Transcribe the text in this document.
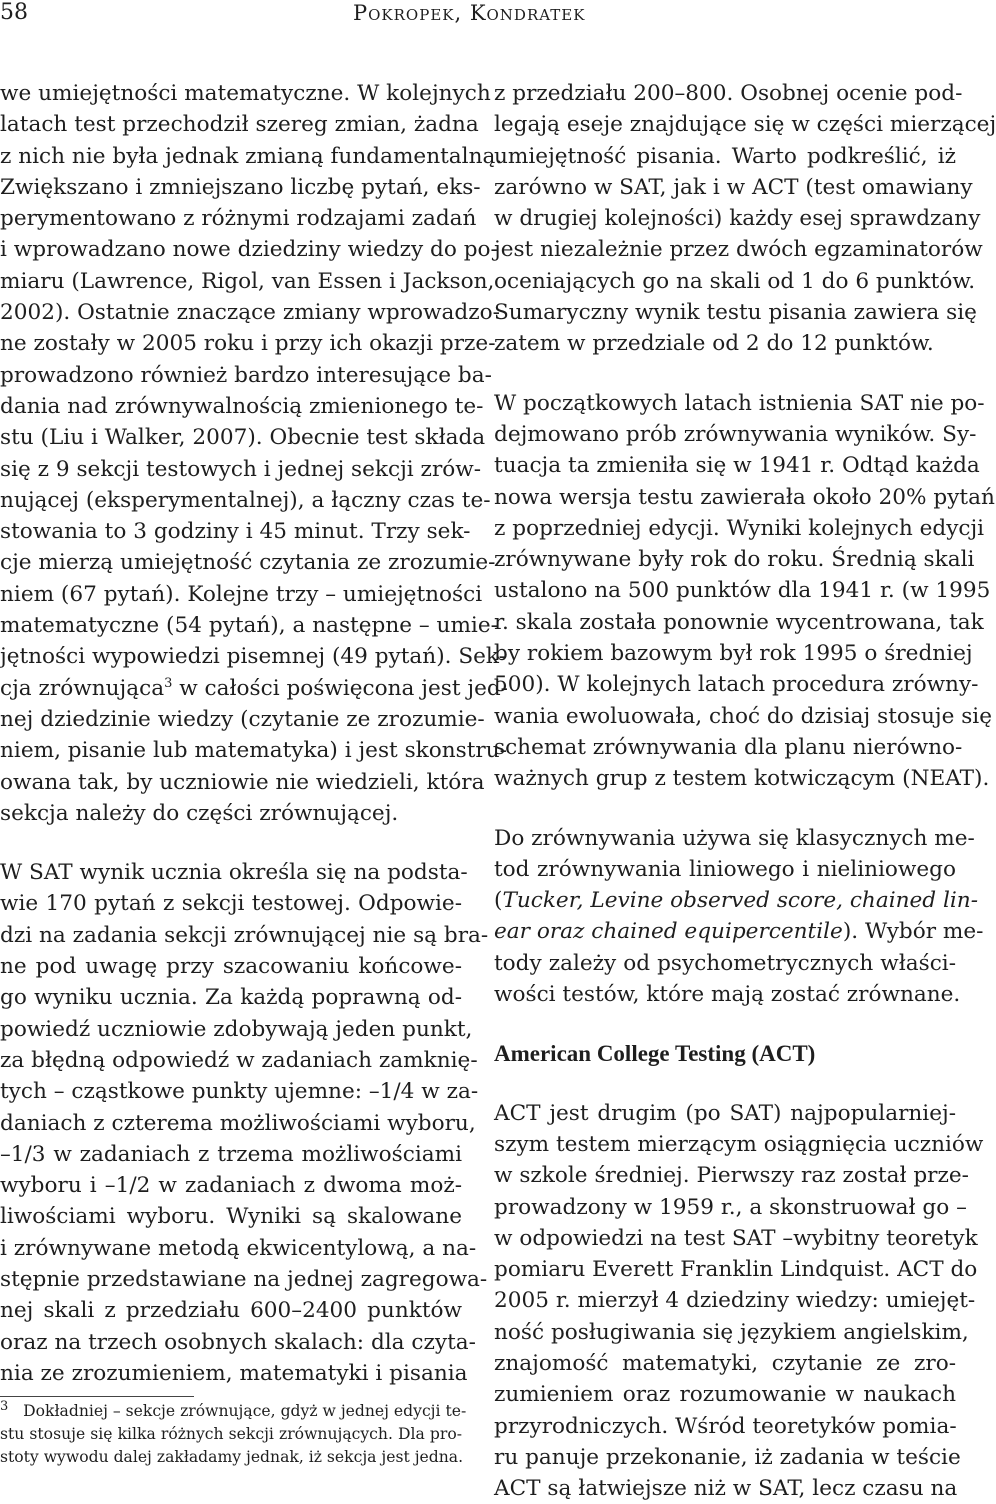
58	Pokropek, Kondratek
we umiejętności matematyczne. W kolejnych
latach test przechodził szereg zmian, żadna
z nich nie była jednak zmianą fundamentalną.
Zwiększano i zmniejszano liczbę pytań, eks-
perymentowano z różnymi rodzajami zadań
i wprowadzano nowe dziedziny wiedzy do po-
miaru (Lawrence, Rigol, van Essen i Jackson,
2002). Ostatnie znaczące zmiany wprowadzo-
ne zostały w 2005 roku i przy ich okazji prze-
prowadzono również bardzo interesujące ba-
dania nad zrównywalnością zmienionego te-
stu (Liu i Walker, 2007). Obecnie test składa
się z 9 sekcji testowych i jednej sekcji zrów-
nującej (eksperymentalnej), a łączny czas te-
stowania to 3 godziny i 45 minut. Trzy sek-
cje mierzą umiejętność czytania ze zrozumie-
niem (67 pytań). Kolejne trzy – umiejętności
matematyczne (54 pytań), a następne – umie-
jętności wypowiedzi pisemnej (49 pytań). Sek-
cja zrównująca$^3$ w całości poświęcona jest jed-
nej dziedzinie wiedzy (czytanie ze zrozumie-
niem, pisanie lub matematyka) i jest skonstru-
owana tak, by uczniowie nie wiedzieli, która
sekcja należy do części zrównującej.
W SAT wynik ucznia określa się na podsta-
wie 170 pytań z sekcji testowej. Odpowie-
dzi na zadania sekcji zrównującej nie są bra-
ne pod uwagę przy szacowaniu końcowe-
go wyniku ucznia. Za każdą poprawną od-
powiedź uczniowie zdobywają jeden punkt,
za błędną odpowiedź w zadaniach zamknię-
tych – cząstkowe punkty ujemne: –1/4 w za-
daniach z czterema możliwościami wyboru,
–1/3 w zadaniach z trzema możliwościami
wyboru i –1/2 w zadaniach z dwoma moż-
liwościami wyboru. Wyniki są skalowane
i zrównywane metodą ekwicentylową, a na-
stępnie przedstawiane na jednej zagregowa-
nej skali z przedziału 600–2400 punktów
oraz na trzech osobnych skalach: dla czyta-
nia ze zrozumieniem, matematyki i pisania
$^3$ Dokładniej – sekcje zrównujące, gdyż w jednej edycji te-
stu stosuje się kilka różnych sekcji zrównujących. Dla pro-
stoty wywodu dalej zakładamy jednak, iż sekcja jest jedna.
z przedziału 200–800. Osobnej ocenie pod-
legają eseje znajdujące się w części mierzącej
umiejętność pisania. Warto podkreślić, iż
zarówno w SAT, jak i w ACT (test omawiany
w drugiej kolejności) każdy esej sprawdzany
jest niezależnie przez dwóch egzaminatorów
oceniających go na skali od 1 do 6 punktów.
Sumaryczny wynik testu pisania zawiera się
zatem w przedziale od 2 do 12 punktów.
W początkowych latach istnienia SAT nie po-
dejmowano prób zrównywania wyników. Sy-
tuacja ta zmieniła się w 1941 r. Odtąd każda
nowa wersja testu zawierała około 20% pytań
z poprzedniej edycji. Wyniki kolejnych edycji
zrównywane były rok do roku. Średnią skali
ustalono na 500 punktów dla 1941 r. (w 1995
r. skala została ponownie wycentrowana, tak
by rokiem bazowym był rok 1995 o średniej
500). W kolejnych latach procedura zrówny-
wania ewoluowała, choć do dzisiaj stosuje się
schemat zrównywania dla planu nierówno-
ważnych grup z testem kotwiczącym (NEAT).
Do zrównywania używa się klasycznych me-
tod zrównywania liniowego i nieliniowego
(Tucker, Levine observed score, chained lin-
ear oraz chained equipercentile). Wybór me-
tody zależy od psychometrycznych właści-
wości testów, które mają zostać zrównane.
American College Testing (ACT)
ACT jest drugim (po SAT) najpopularniej-
szym testem mierzącym osiągnięcia uczniów
w szkole średniej. Pierwszy raz został prze-
prowadzony w 1959 r., a skonstruował go –
w odpowiedzi na test SAT –wybitny teoretyk
pomiaru Everett Franklin Lindquist. ACT do
2005 r. mierzył 4 dziedziny wiedzy: umiejęt-
ność posługiwania się językiem angielskim,
znajomość matematyki, czytanie ze zro-
zumieniem oraz rozumowanie w naukach
przyrodniczych. Wśród teoretyków pomia-
ru panuje przekonanie, iż zadania w teście
ACT są łatwiejsze niż w SAT, lecz czasu na
